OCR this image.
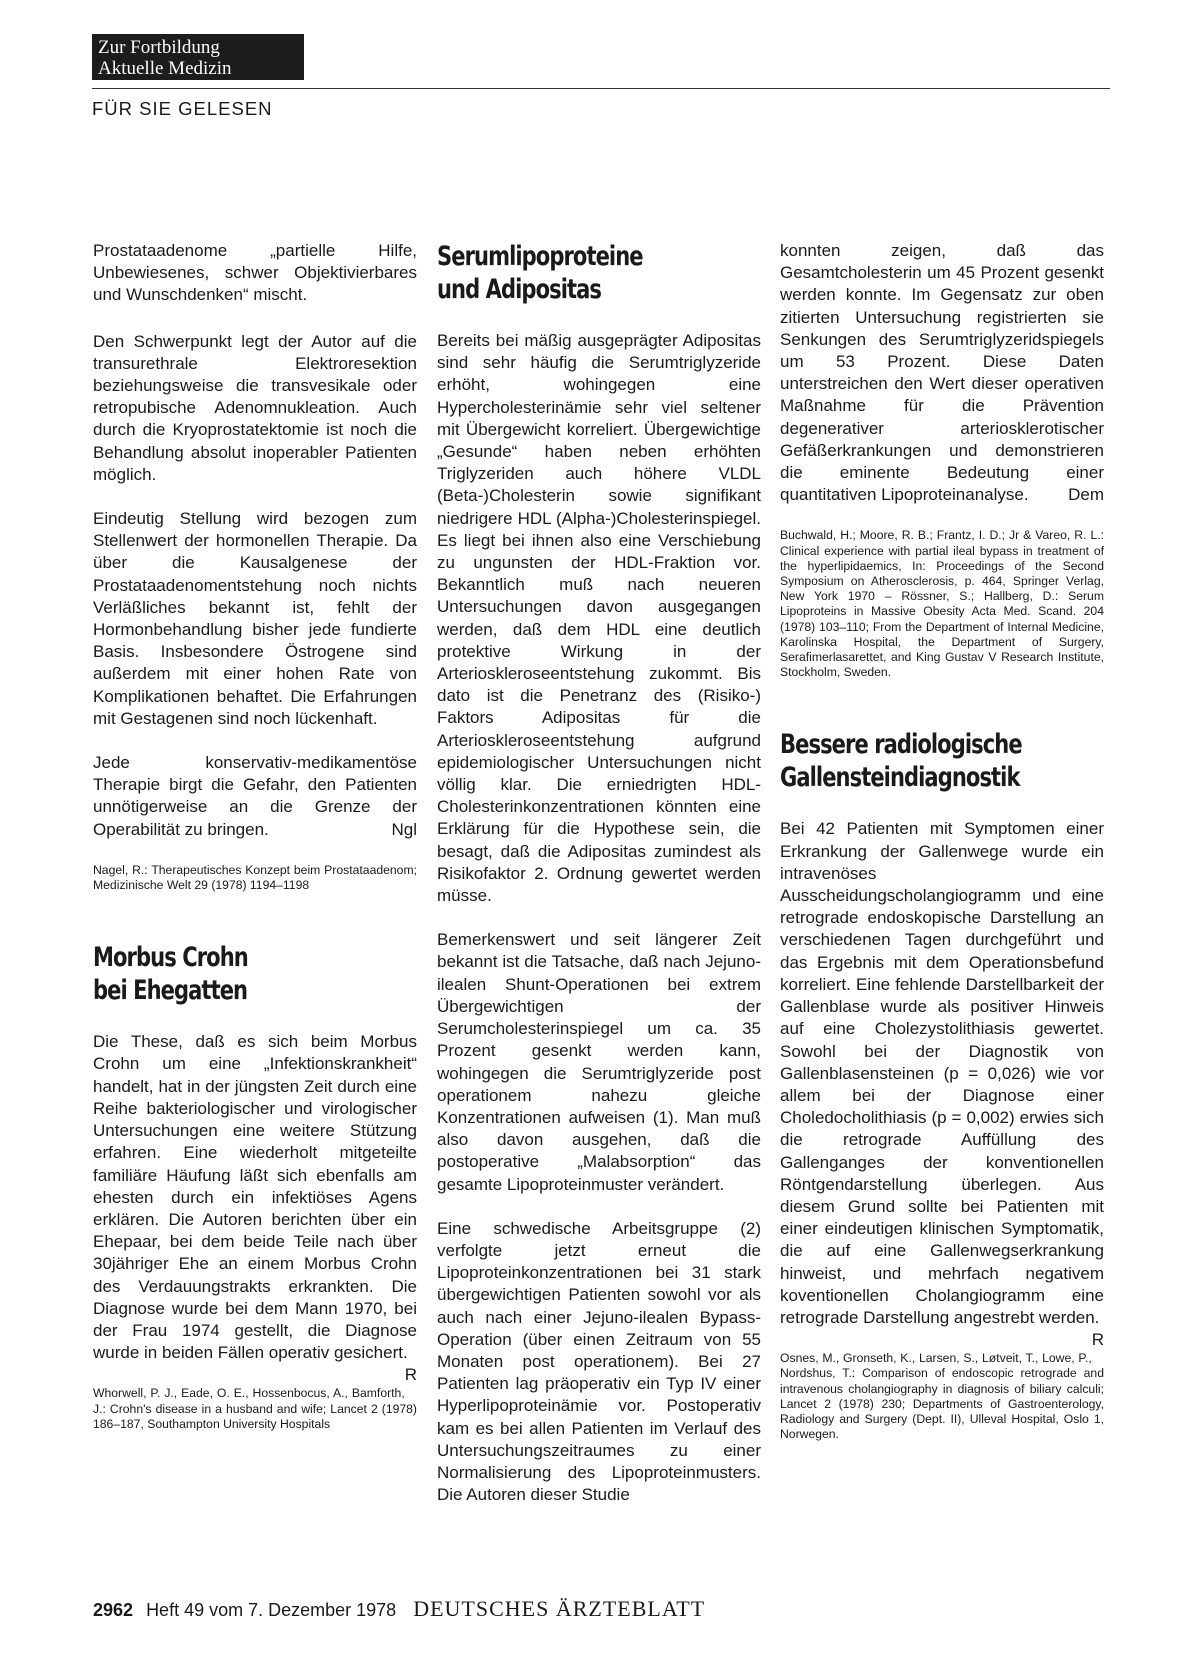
Zur Fortbildung
Aktuelle Medizin
FÜR SIE GELESEN

Prostataadenome „partielle Hilfe, Unbewiesenes, schwer Objektivierbares und Wunschdenken“ mischt.

Den Schwerpunkt legt der Autor auf die transurethrale Elektroresektion beziehungsweise die transvesikale oder retropubische Adenomnukleation. Auch durch die Kryoprostatektomie ist noch die Behandlung absolut inoperabler Patienten möglich.

Eindeutig Stellung wird bezogen zum Stellenwert der hormonellen Therapie. Da über die Kausalgenese der Prostataadenomentstehung noch nichts Verläßliches bekannt ist, fehlt der Hormonbehandlung bisher jede fundierte Basis. Insbesondere Östrogene sind außerdem mit einer hohen Rate von Komplikationen behaftet. Die Erfahrungen mit Gestagenen sind noch lückenhaft.

Jede konservativ-medikamentöse Therapie birgt die Gefahr, den Patienten unnötigerweise an die Grenze der Operabilität zu bringen.	Ngl

Nagel, R.: Therapeutisches Konzept beim Prostataadenom; Medizinische Welt 29 (1978) 1194–1198

Morbus Crohn
bei Ehegatten

Die These, daß es sich beim Morbus Crohn um eine „Infektionskrankheit“ handelt, hat in der jüngsten Zeit durch eine Reihe bakteriologischer und virologischer Untersuchungen eine weitere Stützung erfahren. Eine wiederholt mitgeteilte familiäre Häufung läßt sich ebenfalls am ehesten durch ein infektiöses Agens erklären. Die Autoren berichten über ein Ehepaar, bei dem beide Teile nach über 30jähriger Ehe an einem Morbus Crohn des Verdauungstrakts erkrankten. Die Diagnose wurde bei dem Mann 1970, bei der Frau 1974 gestellt, die Diagnose wurde in beiden Fällen operativ gesichert.
R

Whorwell, P. J., Eade, O. E., Hossenbocus, A., Bamforth, J.: Crohn's disease in a husband and wife; Lancet 2 (1978) 186–187, Southampton University Hospitals

Serumlipoproteine
und Adipositas

Bereits bei mäßig ausgeprägter Adipositas sind sehr häufig die Serumtriglyzeride erhöht, wohingegen eine Hypercholesterinämie sehr viel seltener mit Übergewicht korreliert. Übergewichtige „Gesunde“ haben neben erhöhten Triglyzeriden auch höhere VLDL (Beta-)Cholesterin sowie signifikant niedrigere HDL (Alpha-)Cholesterinspiegel. Es liegt bei ihnen also eine Verschiebung zu ungunsten der HDL-Fraktion vor. Bekanntlich muß nach neueren Untersuchungen davon ausgegangen werden, daß dem HDL eine deutlich protektive Wirkung in der Arterioskleroseentstehung zukommt. Bis dato ist die Penetranz des (Risiko-) Faktors Adipositas für die Arterioskleroseentstehung aufgrund epidemiologischer Untersuchungen nicht völlig klar. Die erniedrigten HDL-Cholesterinkonzentrationen könnten eine Erklärung für die Hypothese sein, die besagt, daß die Adipositas zumindest als Risikofaktor 2. Ordnung gewertet werden müsse.

Bemerkenswert und seit längerer Zeit bekannt ist die Tatsache, daß nach Jejuno-ilealen Shunt-Operationen bei extrem Übergewichtigen der Serumcholesterinspiegel um ca. 35 Prozent gesenkt werden kann, wohingegen die Serumtriglyzeride post operationem nahezu gleiche Konzentrationen aufweisen (1). Man muß also davon ausgehen, daß die postoperative „Malabsorption“ das gesamte Lipoproteinmuster verändert.

Eine schwedische Arbeitsgruppe (2) verfolgte jetzt erneut die Lipoproteinkonzentrationen bei 31 stark übergewichtigen Patienten sowohl vor als auch nach einer Jejuno-ilealen Bypass-Operation (über einen Zeitraum von 55 Monaten post operationem). Bei 27 Patienten lag präoperativ ein Typ IV einer Hyperlipoproteinämie vor. Postoperativ kam es bei allen Patienten im Verlauf des Untersuchungszeitraumes zu einer Normalisierung des Lipoproteinmusters. Die Autoren dieser Studie

konnten zeigen, daß das Gesamtcholesterin um 45 Prozent gesenkt werden konnte. Im Gegensatz zur oben zitierten Untersuchung registrierten sie Senkungen des Serumtriglyzeridspiegels um 53 Prozent. Diese Daten unterstreichen den Wert dieser operativen Maßnahme für die Prävention degenerativer arteriosklerotischer Gefäßerkrankungen und demonstrieren die eminente Bedeutung einer quantitativen Lipoproteinanalyse. Dem

Buchwald, H.; Moore, R. B.; Frantz, I. D.; Jr & Vareo, R. L.: Clinical experience with partial ileal bypass in treatment of the hyperlipidaemics, In: Proceedings of the Second Symposium on Atherosclerosis, p. 464, Springer Verlag, New York 1970 – Rössner, S.; Hallberg, D.: Serum Lipoproteins in Massive Obesity Acta Med. Scand. 204 (1978) 103–110; From the Department of Internal Medicine, Karolinska Hospital, the Department of Surgery, Serafimerlasarettet, and King Gustav V Research Institute, Stockholm, Sweden.

Bessere radiologische
Gallensteindiagnostik

Bei 42 Patienten mit Symptomen einer Erkrankung der Gallenwege wurde ein intravenöses Ausscheidungscholangiogramm und eine retrograde endoskopische Darstellung an verschiedenen Tagen durchgeführt und das Ergebnis mit dem Operationsbefund korreliert. Eine fehlende Darstellbarkeit der Gallenblase wurde als positiver Hinweis auf eine Cholezystolithiasis gewertet. Sowohl bei der Diagnostik von Gallenblasensteinen (p = 0,026) wie vor allem bei der Diagnose einer Choledocholithiasis (p = 0,002) erwies sich die retrograde Auffüllung des Gallenganges der konventionellen Röntgendarstellung überlegen. Aus diesem Grund sollte bei Patienten mit einer eindeutigen klinischen Symptomatik, die auf eine Gallenwegserkrankung hinweist, und mehrfach negativem koventionellen Cholangiogramm eine retrograde Darstellung angestrebt werden.
R

Osnes, M., Gronseth, K., Larsen, S., Løtveit, T., Lowe, P., Nordshus, T.: Comparison of endoscopic retrograde and intravenous cholangiography in diagnosis of biliary calculi; Lancet 2 (1978) 230; Departments of Gastroenterology, Radiology and Surgery (Dept. II), Ulleval Hospital, Oslo 1, Norwegen.

2962 Heft 49 vom 7. Dezember 1978 DEUTSCHES ÄRZTEBLATT
